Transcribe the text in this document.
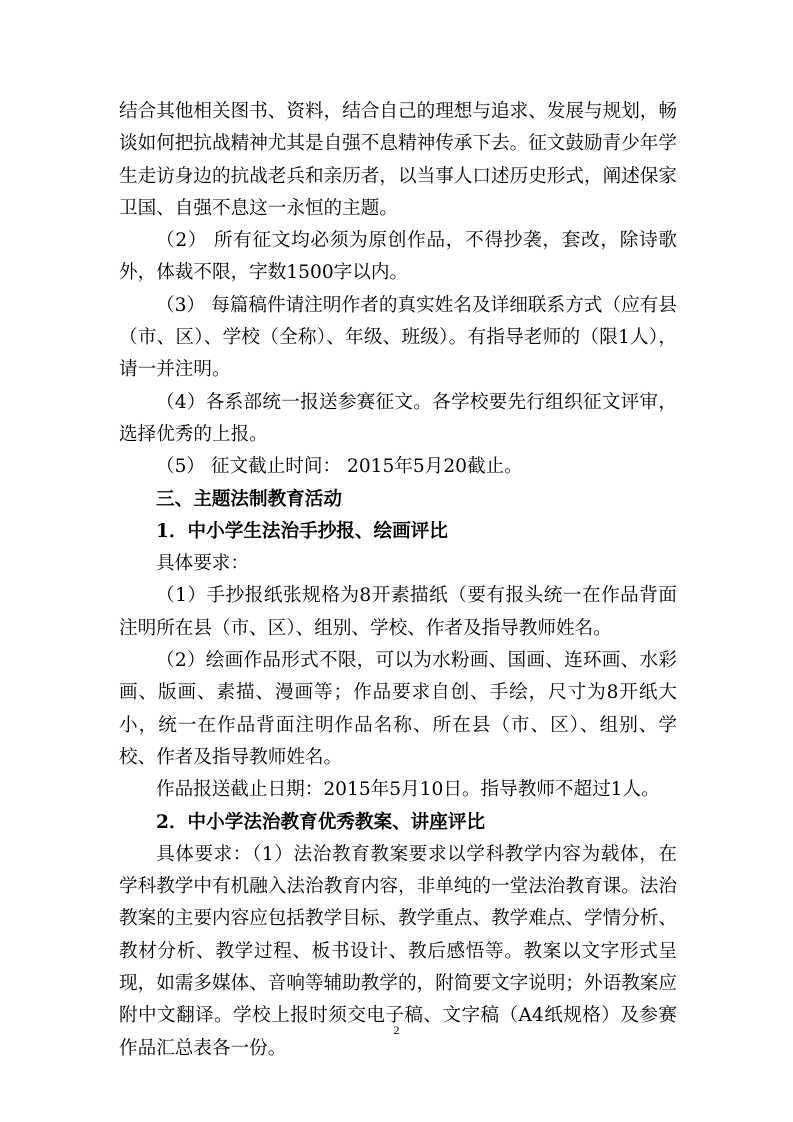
结合其他相关图书、资料，结合自己的理想与追求、发展与规划，畅谈如何把抗战精神尤其是自强不息精神传承下去。征文鼓励青少年学生走访身边的抗战老兵和亲历者，以当事人口述历史形式，阐述保家卫国、自强不息这一永恒的主题。

（2） 所有征文均必须为原创作品，不得抄袭，套改，除诗歌外，体裁不限，字数1500字以内。

（3） 每篇稿件请注明作者的真实姓名及详细联系方式（应有县（市、区）、学校（全称）、年级、班级）。有指导老师的（限1人），请一并注明。

（4）各系部统一报送参赛征文。各学校要先行组织征文评审，选择优秀的上报。

（5） 征文截止时间： 2015年5月20截止。

三、主题法制教育活动

1．中小学生法治手抄报、绘画评比

具体要求：

（1）手抄报纸张规格为8开素描纸（要有报头统一在作品背面注明所在县（市、区）、组别、学校、作者及指导教师姓名。

（2）绘画作品形式不限，可以为水粉画、国画、连环画、水彩画、版画、素描、漫画等；作品要求自创、手绘，尺寸为8开纸大小，统一在作品背面注明作品名称、所在县（市、区）、组别、学校、作者及指导教师姓名。

作品报送截止日期：2015年5月10日。指导教师不超过1人。

2．中小学法治教育优秀教案、讲座评比

具体要求：（1）法治教育教案要求以学科教学内容为载体，在学科教学中有机融入法治教育内容，非单纯的一堂法治教育课。法治教案的主要内容应包括教学目标、教学重点、教学难点、学情分析、教材分析、教学过程、板书设计、教后感悟等。教案以文字形式呈现，如需多媒体、音响等辅助教学的，附简要文字说明；外语教案应附中文翻译。学校上报时须交电子稿、文字稿（A4纸规格）及参赛作品汇总表各一份。

2
